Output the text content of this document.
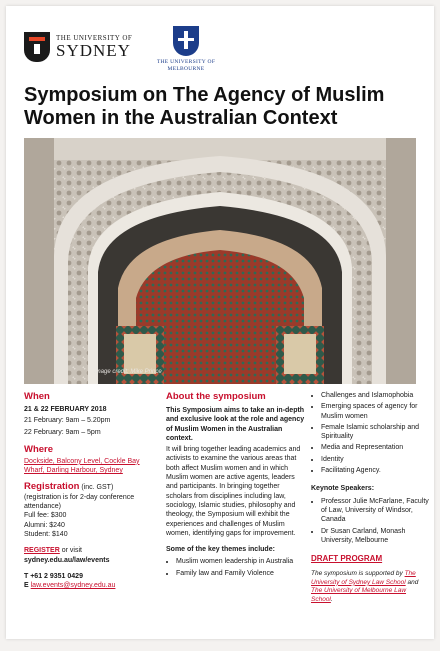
THE UNIVERSITY OF
SYDNEY
THE UNIVERSITY OF
MELBOURNE
Symposium on The Agency of Muslim Women in the Australian Context
Image credit: Mike Prince
When
21 & 22 FEBRUARY 2018
21 February: 9am – 5.20pm
22 February: 9am – 5pm
Where
Dockside, Balcony Level, Cockle Bay Wharf, Darling Harbour, Sydney
Registration (inc. GST)
(registration is for 2-day conference attendance)
Full fee: $300
Alumni: $240
Student: $140
REGISTER or visit
sydney.edu.au/law/events
T +61 2 9351 0429
E law.events@sydney.edu.au
About the symposium
This Symposium aims to take an in-depth and exclusive look at the role and agency of Muslim Women in the Australian context.
It will bring together leading academics and activists to examine the various areas that both affect Muslim women and in which Muslim women are active agents, leaders and participants. In bringing together scholars from disciplines including law, sociology, Islamic studies, philosophy and theology, the Symposium will exhibit the experiences and challenges of Muslim women, identifying gaps for improvement.
Some of the key themes include:
• Muslim women leadership in Australia
• Family law and Family Violence
• Challenges and Islamophobia
• Emerging spaces of agency for Muslim women
• Female Islamic scholarship and Spirituality
• Media and Representation
• Identity
• Facilitating Agency.
Keynote Speakers:
• Professor Julie McFarlane, Faculty of Law, University of Windsor, Canada
• Dr Susan Carland, Monash University, Melbourne
DRAFT PROGRAM
The symposium is supported by The University of Sydney Law School and The University of Melbourne Law School.
